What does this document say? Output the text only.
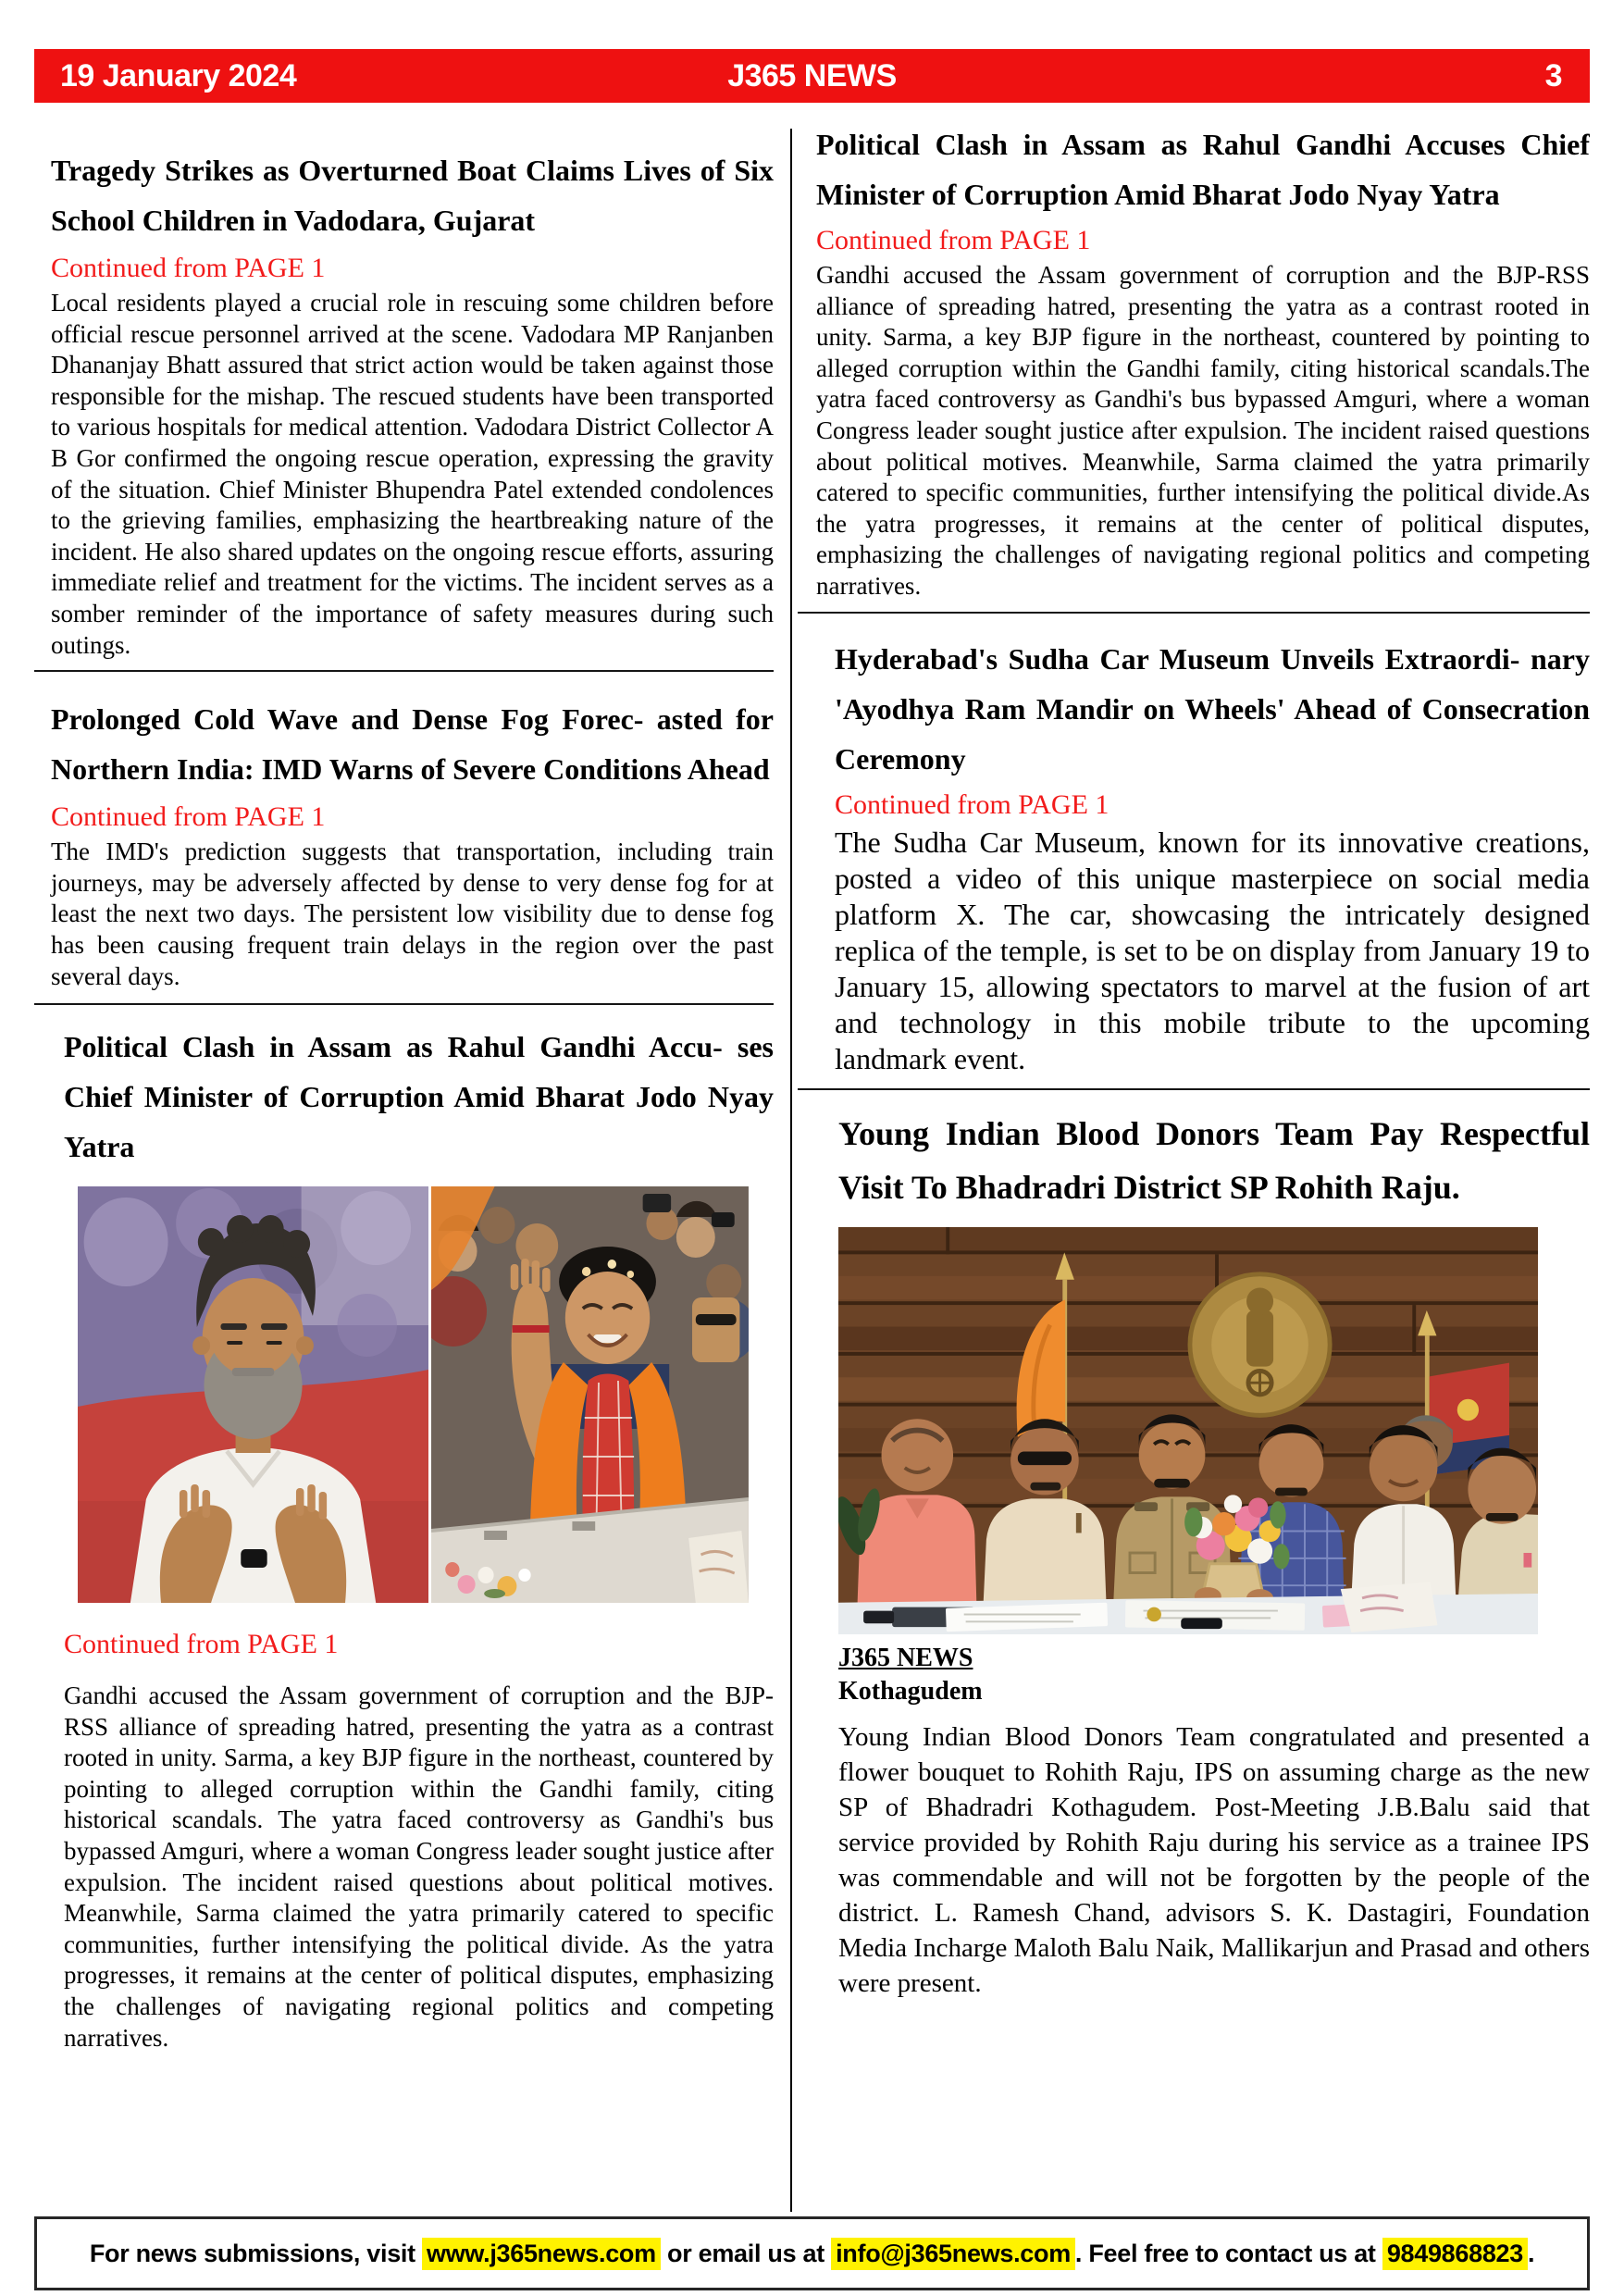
19 January 2024	J365 NEWS	3
Tragedy Strikes as Overturned Boat Claims Lives of Six School Children in Vadodara, Gujarat
Continued from PAGE 1

Local residents played a crucial role in rescuing some children before official rescue personnel arrived at the scene. Vadodara MP Ranjanben Dhananjay Bhatt assured that strict action would be taken against those responsible for the mishap. The rescued students have been transported to various hospitals for medical attention. Vadodara District Collector A B Gor confirmed the ongoing rescue operation, expressing the gravity of the situation. Chief Minister Bhupendra Patel extended condolences to the grieving families, emphasizing the heartbreaking nature of the incident. He also shared updates on the ongoing rescue efforts, assuring immediate relief and treatment for the victims. The incident serves as a somber reminder of the importance of safety measures during such outings.

Prolonged Cold Wave and Dense Fog Forec- asted for Northern India: IMD Warns of Severe Conditions Ahead
Continued from PAGE 1

The IMD's prediction suggests that transportation, including train journeys, may be adversely affected by dense to very dense fog for at least the next two days. The persistent low visibility due to dense fog has been causing frequent train delays in the region over the past several days.

Political Clash in Assam as Rahul Gandhi Accu- ses Chief Minister of Corruption Amid Bharat Jodo Nyay Yatra
Continued from PAGE 1

Gandhi accused the Assam government of corruption and the BJP-RSS alliance of spreading hatred, presenting the yatra as a contrast rooted in unity. Sarma, a key BJP figure in the northeast, countered by pointing to alleged corruption within the Gandhi family, citing historical scandals. The yatra faced controversy as Gandhi's bus bypassed Amguri, where a woman Congress leader sought justice after expulsion. The incident raised questions about political motives. Meanwhile, Sarma claimed the yatra primarily catered to specific communities, further intensifying the political divide. As the yatra progresses, it remains at the center of political disputes, emphasizing the challenges of navigating regional politics and competing narratives.

Political Clash in Assam as Rahul Gandhi Accuses Chief Minister of Corruption Amid Bharat Jodo Nyay Yatra
Continued from PAGE 1

Gandhi accused the Assam government of corruption and the BJP-RSS alliance of spreading hatred, presenting the yatra as a contrast rooted in unity. Sarma, a key BJP figure in the northeast, countered by pointing to alleged corruption within the Gandhi family, citing historical scandals.The yatra faced controversy as Gandhi's bus bypassed Amguri, where a woman Congress leader sought justice after expulsion. The incident raised questions about political motives. Meanwhile, Sarma claimed the yatra primarily catered to specific communities, further intensifying the political divide.As the yatra progresses, it remains at the center of political disputes, emphasizing the challenges of navigating regional politics and competing narratives.

Hyderabad's Sudha Car Museum Unveils Extraordi- nary 'Ayodhya Ram Mandir on Wheels' Ahead of Consecration Ceremony
Continued from PAGE 1

The Sudha Car Museum, known for its innovative creations, posted a video of this unique masterpiece on social media platform X. The car, showcasing the intricately designed replica of the temple, is set to be on display from January 19 to January 15, allowing spectators to marvel at the fusion of art and technology in this mobile tribute to the upcoming landmark event.

Young Indian Blood Donors Team Pay Respectful Visit To Bhadradri District SP Rohith Raju.
J365 NEWS
Kothagudem

Young Indian Blood Donors Team congratulated and presented a flower bouquet to Rohith Raju, IPS on assuming charge as the new SP of Bhadradri Kothagudem. Post-Meeting J.B.Balu said that service provided by Rohith Raju during his service as a trainee IPS was commendable and will not be forgotten by the people of the district. L. Ramesh Chand, advisors S. K. Dastagiri, Foundation Media Incharge Maloth Balu Naik, Mallikarjun and Prasad and others were present.

For news submissions, visit www.j365news.com or email us at info@j365news.com . Feel free to contact us at 9849868823 .
